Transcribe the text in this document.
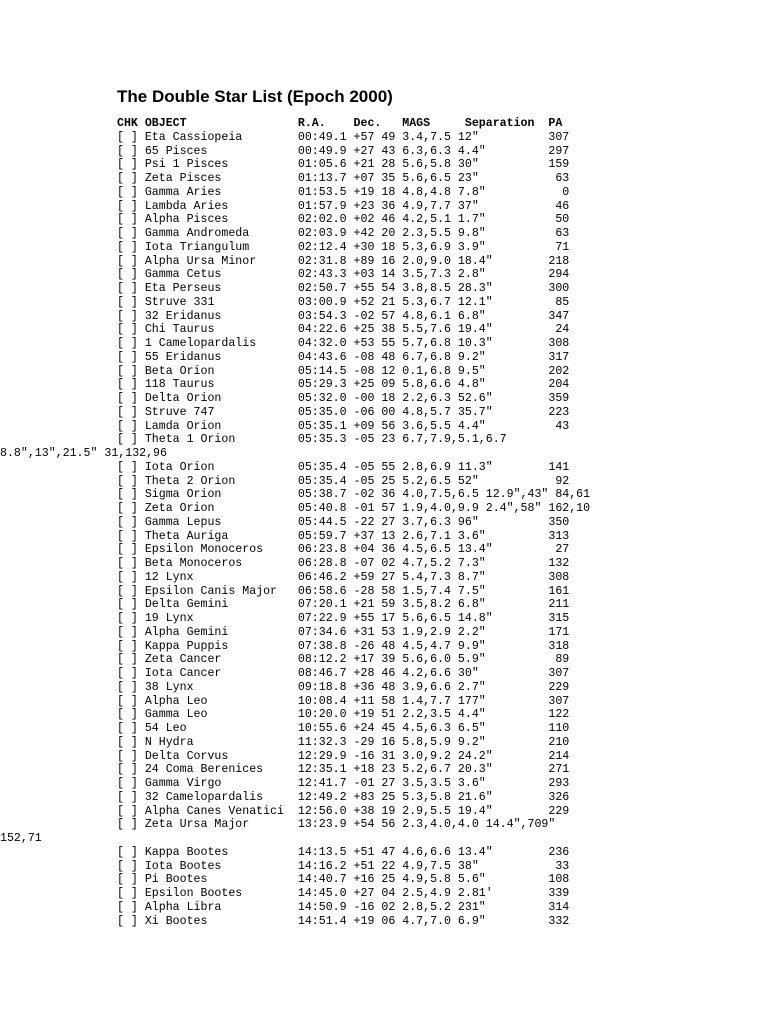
The Double Star List (Epoch 2000)
CHK OBJECT                R.A.    Dec.   MAGS     Separation  PA
[ ] Eta Cassiopeia        00:49.1 +57 49 3.4,7.5 12"          307
[ ] 65 Pisces             00:49.9 +27 43 6.3,6.3 4.4"         297
[ ] Psi 1 Pisces          01:05.6 +21 28 5.6,5.8 30"          159
[ ] Zeta Pisces           01:13.7 +07 35 5.6,6.5 23"           63
[ ] Gamma Aries           01:53.5 +19 18 4.8,4.8 7.8"           0
[ ] Lambda Aries          01:57.9 +23 36 4.9,7.7 37"           46
[ ] Alpha Pisces          02:02.0 +02 46 4.2,5.1 1.7"          50
[ ] Gamma Andromeda       02:03.9 +42 20 2.3,5.5 9.8"          63
[ ] Iota Triangulum       02:12.4 +30 18 5.3,6.9 3.9"          71
[ ] Alpha Ursa Minor      02:31.8 +89 16 2.0,9.0 18.4"        218
[ ] Gamma Cetus           02:43.3 +03 14 3.5,7.3 2.8"         294
[ ] Eta Perseus           02:50.7 +55 54 3.8,8.5 28.3"        300
[ ] Struve 331            03:00.9 +52 21 5.3,6.7 12.1"         85
[ ] 32 Eridanus           03:54.3 -02 57 4.8,6.1 6.8"         347
[ ] Chi Taurus            04:22.6 +25 38 5.5,7.6 19.4"         24
[ ] 1 Camelopardalis      04:32.0 +53 55 5.7,6.8 10.3"        308
[ ] 55 Eridanus           04:43.6 -08 48 6.7,6.8 9.2"         317
[ ] Beta Orion            05:14.5 -08 12 0.1,6.8 9.5"         202
[ ] 118 Taurus            05:29.3 +25 09 5.8,6.6 4.8"         204
[ ] Delta Orion           05:32.0 -00 18 2.2,6.3 52.6"        359
[ ] Struve 747            05:35.0 -06 00 4.8,5.7 35.7"        223
[ ] Lamda Orion           05:35.1 +09 56 3.6,5.5 4.4"          43
[ ] Theta 1 Orion         05:35.3 -05 23 6.7,7.9,5.1,6.7
8.8",13",21.5" 31,132,96
[ ] Iota Orion            05:35.4 -05 55 2.8,6.9 11.3"        141
[ ] Theta 2 Orion         05:35.4 -05 25 5.2,6.5 52"           92
[ ] Sigma Orion           05:38.7 -02 36 4.0,7.5,6.5 12.9",43" 84,61
[ ] Zeta Orion            05:40.8 -01 57 1.9,4.0,9.9 2.4",58" 162,10
[ ] Gamma Lepus           05:44.5 -22 27 3.7,6.3 96"          350
[ ] Theta Auriga          05:59.7 +37 13 2.6,7.1 3.6"         313
[ ] Epsilon Monoceros     06:23.8 +04 36 4.5,6.5 13.4"         27
[ ] Beta Monoceros        06:28.8 -07 02 4.7,5.2 7.3"         132
[ ] 12 Lynx               06:46.2 +59 27 5.4,7.3 8.7"         308
[ ] Epsilon Canis Major   06:58.6 -28 58 1.5,7.4 7.5"         161
[ ] Delta Gemini          07:20.1 +21 59 3.5,8.2 6.8"         211
[ ] 19 Lynx               07:22.9 +55 17 5.6,6.5 14.8"        315
[ ] Alpha Gemini          07:34.6 +31 53 1.9,2.9 2.2"         171
[ ] Kappa Puppis          07:38.8 -26 48 4.5,4.7 9.9"         318
[ ] Zeta Cancer           08:12.2 +17 39 5.6,6.0 5.9"          89
[ ] Iota Cancer           08:46.7 +28 46 4.2,6.6 30"          307
[ ] 38 Lynx               09:18.8 +36 48 3.9,6.6 2.7"         229
[ ] Alpha Leo             10:08.4 +11 58 1.4,7.7 177"         307
[ ] Gamma Leo             10:20.0 +19 51 2.2,3.5 4.4"         122
[ ] 54 Leo                10:55.6 +24 45 4.5,6.3 6.5"         110
[ ] N Hydra               11:32.3 -29 16 5.8,5.9 9.2"         210
[ ] Delta Corvus          12:29.9 -16 31 3.0,9.2 24.2"        214
[ ] 24 Coma Berenices     12:35.1 +18 23 5.2,6.7 20.3"        271
[ ] Gamma Virgo           12:41.7 -01 27 3.5,3.5 3.6"         293
[ ] 32 Camelopardalis     12:49.2 +83 25 5.3,5.8 21.6"        326
[ ] Alpha Canes Venatici  12:56.0 +38 19 2.9,5.5 19.4"        229
[ ] Zeta Ursa Major       13:23.9 +54 56 2.3,4.0,4.0 14.4",709"
152,71
[ ] Kappa Bootes          14:13.5 +51 47 4.6,6.6 13.4"        236
[ ] Iota Bootes           14:16.2 +51 22 4.9,7.5 38"           33
[ ] Pi Bootes             14:40.7 +16 25 4.9,5.8 5.6"         108
[ ] Epsilon Bootes        14:45.0 +27 04 2.5,4.9 2.81'        339
[ ] Alpha Libra           14:50.9 -16 02 2.8,5.2 231"         314
[ ] Xi Bootes             14:51.4 +19 06 4.7,7.0 6.9"         332
